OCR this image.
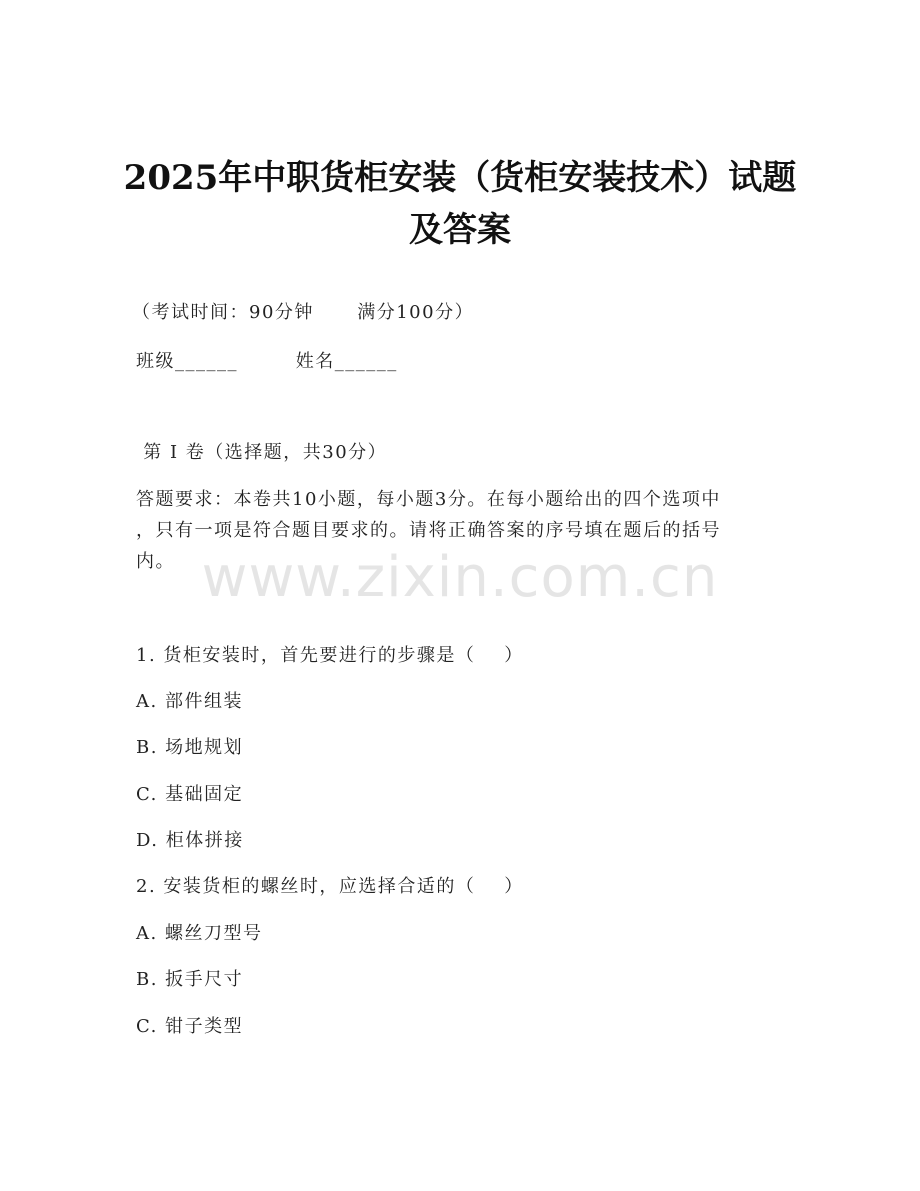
2025年中职货柜安装（货柜安装技术）试题
及答案
（考试时间：90分钟      满分100分）
班级______        姓名______
第 I 卷（选择题，共30分）
答题要求：本卷共10小题，每小题3分。在每小题给出的四个选项中
，只有一项是符合题目要求的。请将正确答案的序号填在题后的括号
内。 www.zixin.com.cn
1. 货柜安装时，首先要进行的步骤是（    ）
A. 部件组装
B. 场地规划
C. 基础固定
D. 柜体拼接
2. 安装货柜的螺丝时，应选择合适的（    ）
A. 螺丝刀型号
B. 扳手尺寸
C. 钳子类型
